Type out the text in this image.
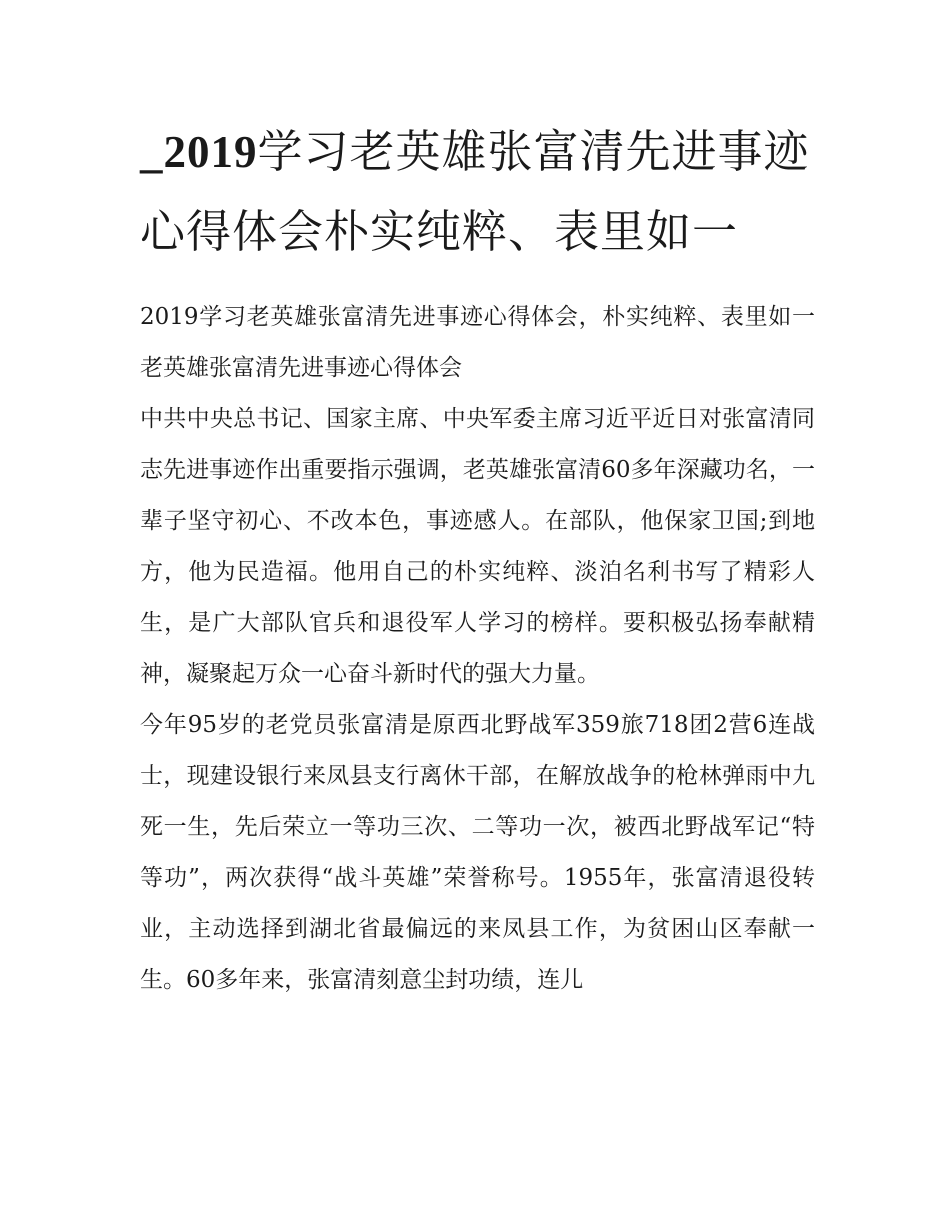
_2019学习老英雄张富清先进事迹心得体会朴实纯粹、表里如一

2019学习老英雄张富清先进事迹心得体会，朴实纯粹、表里如一 老英雄张富清先进事迹心得体会

中共中央总书记、国家主席、中央军委主席习近平近日对张富清同志先进事迹作出重要指示强调，老英雄张富清60多年深藏功名，一辈子坚守初心、不改本色，事迹感人。在部队，他保家卫国;到地方，他为民造福。他用自己的朴实纯粹、淡泊名利书写了精彩人生，是广大部队官兵和退役军人学习的榜样。要积极弘扬奉献精神，凝聚起万众一心奋斗新时代的强大力量。

今年95岁的老党员张富清是原西北野战军359旅718团2营6连战士，现建设银行来凤县支行离休干部，在解放战争的枪林弹雨中九死一生，先后荣立一等功三次、二等功一次，被西北野战军记“特等功”，两次获得“战斗英雄”荣誉称号。1955年，张富清退役转业，主动选择到湖北省最偏远的来凤县工作，为贫困山区奉献一生。60多年来，张富清刻意尘封功绩，连儿
